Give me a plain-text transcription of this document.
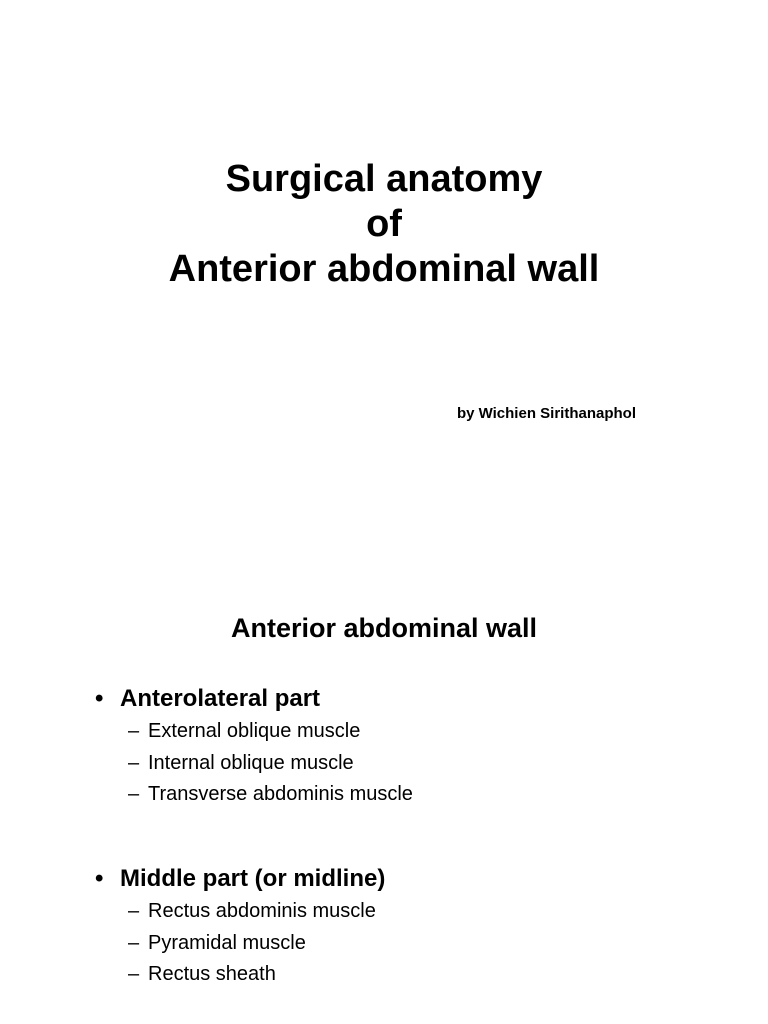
Surgical anatomy
of
Anterior abdominal wall
by Wichien Sirithanaphol
Anterior abdominal wall
• Anterolateral part
– External oblique muscle
– Internal oblique muscle
– Transverse abdominis muscle
• Middle part (or midline)
– Rectus abdominis muscle
– Pyramidal muscle
– Rectus sheath
